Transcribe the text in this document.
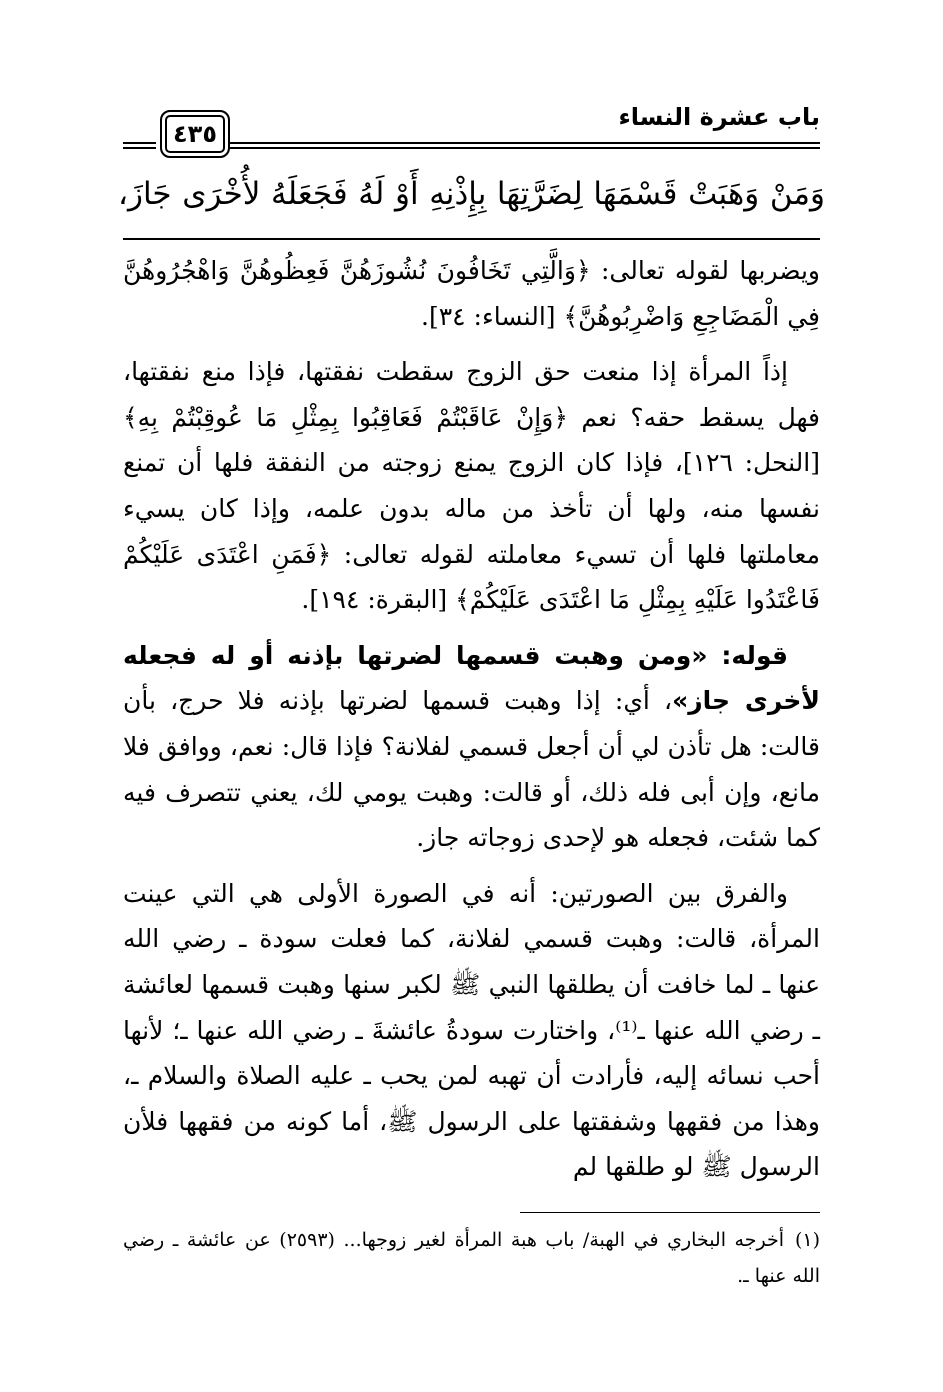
باب عشرة النساء
٤٣٥
وَمَنْ وَهَبَتْ قَسْمَهَا لِضَرَّتِهَا بِإِذْنِهِ أَوْ لَهُ فَجَعَلَهُ لأُخْرَى جَازَ،

ويضربها لقوله تعالى: ﴿وَالَّتِي تَخَافُونَ نُشُوزَهُنَّ فَعِظُوهُنَّ وَاهْجُرُوهُنَّ فِي الْمَضَاجِعِ وَاضْرِبُوهُنَّ﴾ [النساء: ٣٤].

إذاً المرأة إذا منعت حق الزوج سقطت نفقتها، فإذا منع نفقتها، فهل يسقط حقه؟ نعم ﴿وَإِنْ عَاقَبْتُمْ فَعَاقِبُوا بِمِثْلِ مَا عُوقِبْتُمْ بِهِ﴾ [النحل: ١٢٦]، فإذا كان الزوج يمنع زوجته من النفقة فلها أن تمنع نفسها منه، ولها أن تأخذ من ماله بدون علمه، وإذا كان يسيء معاملتها فلها أن تسيء معاملته لقوله تعالى: ﴿فَمَنِ اعْتَدَى عَلَيْكُمْ فَاعْتَدُوا عَلَيْهِ بِمِثْلِ مَا اعْتَدَى عَلَيْكُمْ﴾ [البقرة: ١٩٤].

قوله: «ومن وهبت قسمها لضرتها بإذنه أو له فجعله لأخرى جاز»، أي: إذا وهبت قسمها لضرتها بإذنه فلا حرج، بأن قالت: هل تأذن لي أن أجعل قسمي لفلانة؟ فإذا قال: نعم، ووافق فلا مانع، وإن أبى فله ذلك، أو قالت: وهبت يومي لك، يعني تتصرف فيه كما شئت، فجعله هو لإحدى زوجاته جاز.

والفرق بين الصورتين: أنه في الصورة الأولى هي التي عينت المرأة، قالت: وهبت قسمي لفلانة، كما فعلت سودة ـ رضي الله عنها ـ لما خافت أن يطلقها النبي ﷺ لكبر سنها وهبت قسمها لعائشة ـ رضي الله عنها ـ⁽¹⁾، واختارت سودةُ عائشةَ ـ رضي الله عنها ـ؛ لأنها أحب نسائه إليه، فأرادت أن تهبه لمن يحب ـ عليه الصلاة والسلام ـ، وهذا من فقهها وشفقتها على الرسول ﷺ، أما كونه من فقهها فلأن الرسول ﷺ لو طلقها لم

(١)أخرجه البخاري في الهبة/ باب هبة المرأة لغير زوجها... (٢٥٩٣) عن عائشة ـ رضي الله عنها ـ.
